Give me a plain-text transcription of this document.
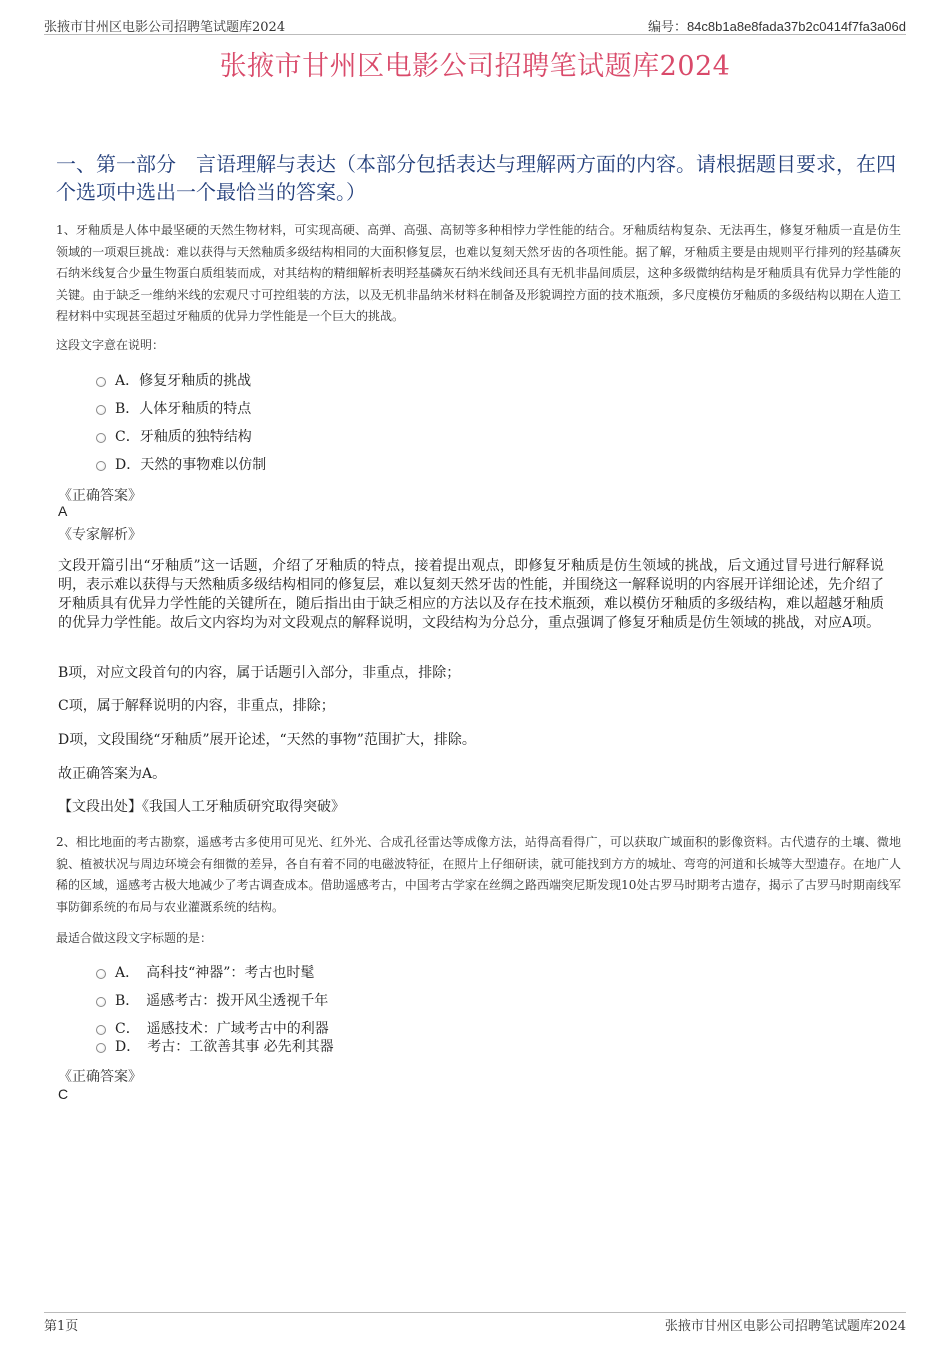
张掖市甘州区电影公司招聘笔试题库2024	编号：84c8b1a8e8fada37b2c0414f7fa3a06d
张掖市甘州区电影公司招聘笔试题库2024
一、第一部分　言语理解与表达（本部分包括表达与理解两方面的内容。请根据题目要求，在四个选项中选出一个最恰当的答案。）
1、牙釉质是人体中最坚硬的天然生物材料，可实现高硬、高弹、高强、高韧等多种相悖力学性能的结合。牙釉质结构复杂、无法再生，修复牙釉质一直是仿生领域的一项艰巨挑战：难以获得与天然釉质多级结构相同的大面积修复层，也难以复刻天然牙齿的各项性能。据了解，牙釉质主要是由规则平行排列的羟基磷灰石纳米线复合少量生物蛋白质组装而成，对其结构的精细解析表明羟基磷灰石纳米线间还具有无机非晶间质层，这种多级微纳结构是牙釉质具有优异力学性能的关键。由于缺乏一维纳米线的宏观尺寸可控组装的方法，以及无机非晶纳米材料在制备及形貌调控方面的技术瓶颈，多尺度模仿牙釉质的多级结构以期在人造工程材料中实现甚至超过牙釉质的优异力学性能是一个巨大的挑战。
这段文字意在说明：
A．修复牙釉质的挑战
B．人体牙釉质的特点
C．牙釉质的独特结构
D．天然的事物难以仿制
《正确答案》
A
《专家解析》
文段开篇引出“牙釉质”这一话题，介绍了牙釉质的特点，接着提出观点，即修复牙釉质是仿生领域的挑战，后文通过冒号进行解释说明，表示难以获得与天然釉质多级结构相同的修复层，难以复刻天然牙齿的性能，并围绕这一解释说明的内容展开详细论述，先介绍了牙釉质具有优异力学性能的关键所在，随后指出由于缺乏相应的方法以及存在技术瓶颈，难以模仿牙釉质的多级结构，难以超越牙釉质的优异力学性能。故后文内容均为对文段观点的解释说明，文段结构为分总分，重点强调了修复牙釉质是仿生领域的挑战，对应A项。
B项，对应文段首句的内容，属于话题引入部分，非重点，排除；
C项，属于解释说明的内容，非重点，排除；
D项，文段围绕“牙釉质”展开论述，“天然的事物”范围扩大，排除。
故正确答案为A。
【文段出处】《我国人工牙釉质研究取得突破》
2、相比地面的考古勘察，遥感考古多使用可见光、红外光、合成孔径雷达等成像方法，站得高看得广，可以获取广域面积的影像资料。古代遗存的土壤、微地貌、植被状况与周边环境会有细微的差异，各自有着不同的电磁波特征，在照片上仔细研读，就可能找到方方的城址、弯弯的河道和长城等大型遗存。在地广人稀的区域，遥感考古极大地减少了考古调查成本。借助遥感考古，中国考古学家在丝绸之路西端突尼斯发现10处古罗马时期考古遗存，揭示了古罗马时期南线军事防御系统的布局与农业灌溉系统的结构。
最适合做这段文字标题的是：
A．　高科技“神器”：考古也时髦
B．　遥感考古：拨开风尘透视千年
C．　遥感技术：广域考古中的利器
D．　考古：工欲善其事 必先利其器
《正确答案》
C
第1页	张掖市甘州区电影公司招聘笔试题库2024
